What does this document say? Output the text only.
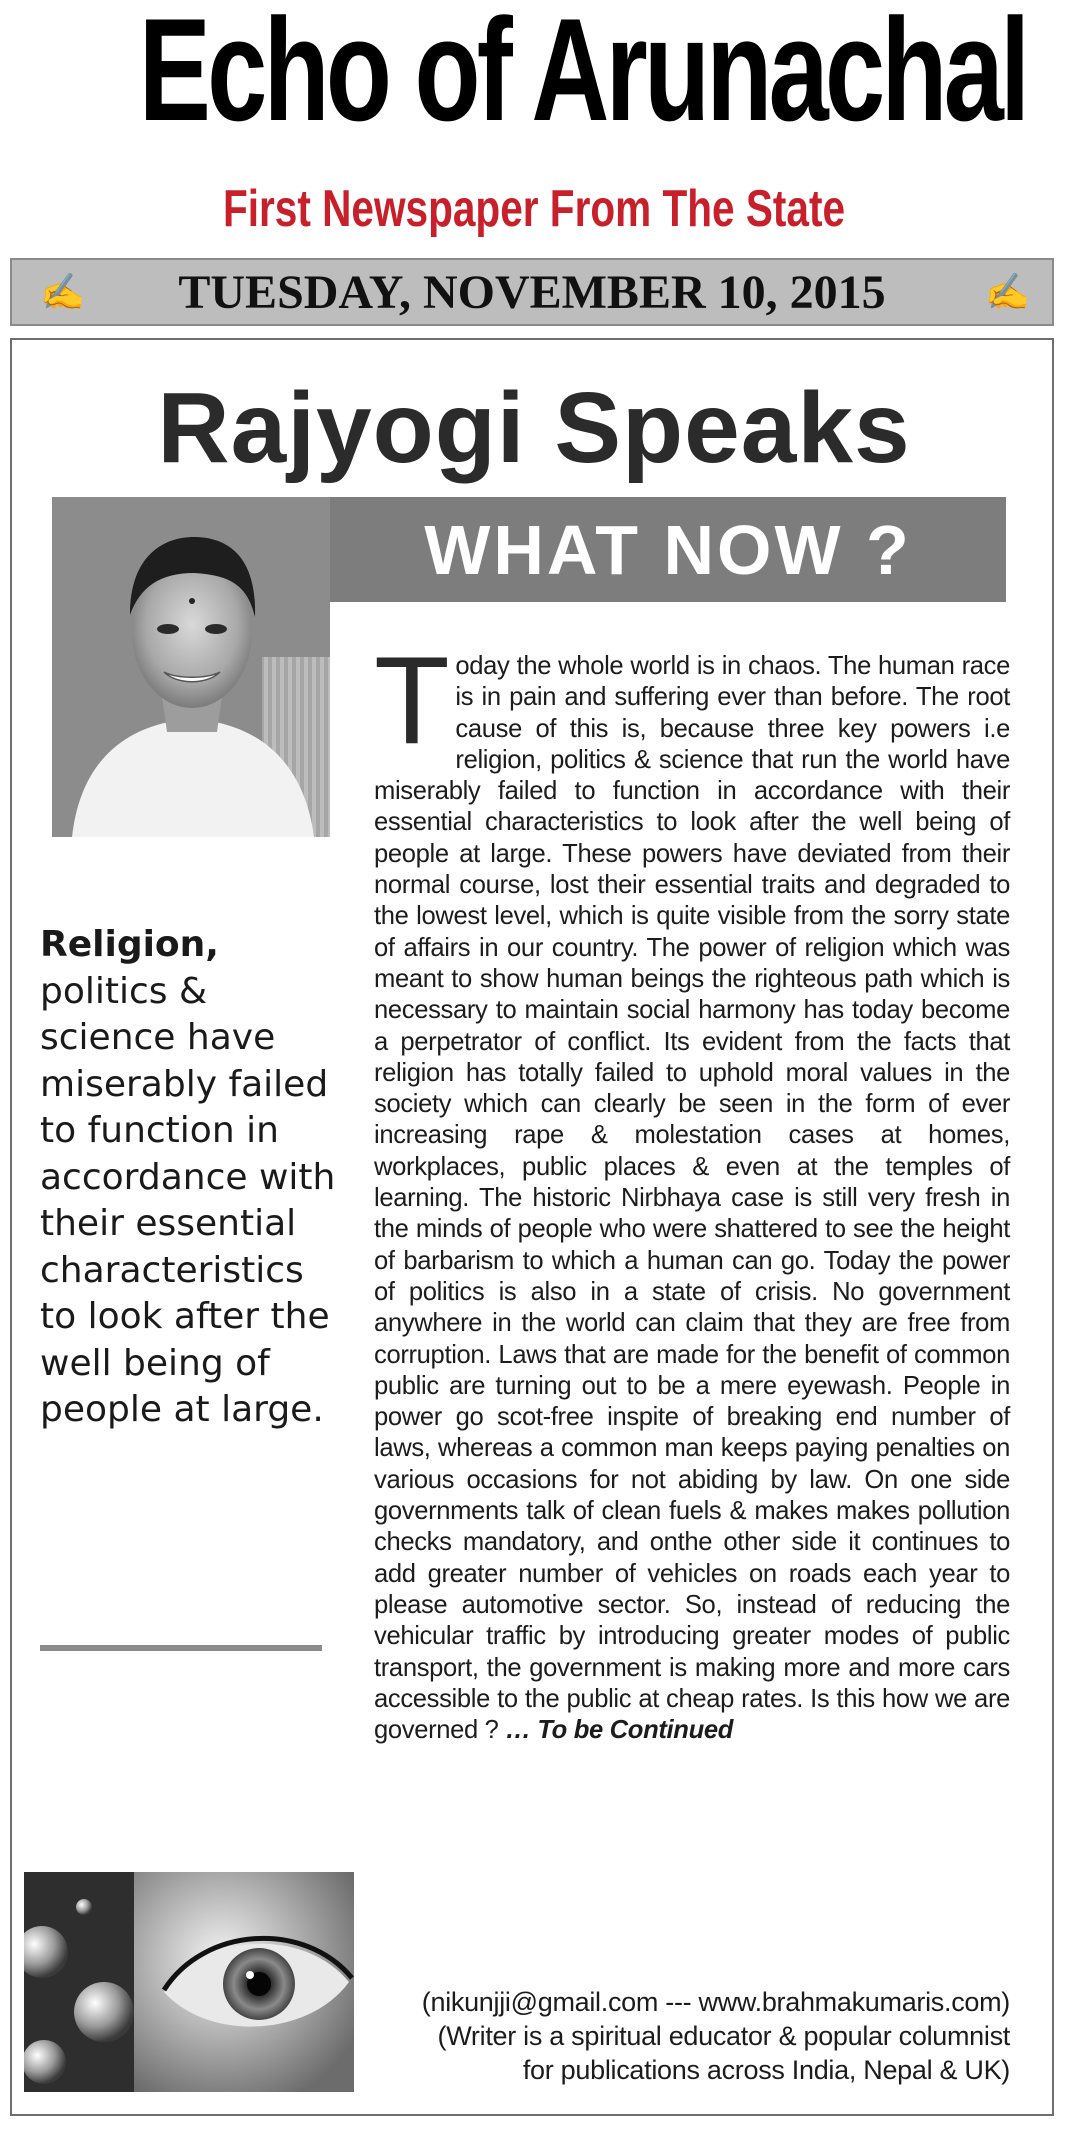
Echo of Arunachal
First Newspaper From The State
✍	TUESDAY, NOVEMBER 10, 2015	✍
Rajyogi Speaks
WHAT NOW ?

Religion, politics & science have miserably failed to function in accordance with their essential characteristics to look after the well being of people at large.
Today the whole world is in chaos. The human race is in pain and suffering ever than before. The root cause of this is, because three key powers i.e religion, politics & science that run the world have miserably failed to function in accordance with their essential characteristics to look after the well being of people at large. These powers have deviated from their normal course, lost their essential traits and degraded to the lowest level, which is quite visible from the sorry state of affairs in our country. The power of religion which was meant to show human beings the righteous path which is necessary to maintain social harmony has today become a perpetrator of conflict. Its evident from the facts that religion has totally failed to uphold moral values in the society which can clearly be seen in the form of ever increasing rape & molestation cases at homes, workplaces, public places & even at the temples of learning. The historic Nirbhaya case is still very fresh in the minds of people who were shattered to see the height of barbarism to which a human can go. Today the power of politics is also in a state of crisis. No government anywhere in the world can claim that they are free from corruption. Laws that are made for the benefit of common public are turning out to be a mere eyewash. People in power go scot-free inspite of breaking end number of laws, whereas a common man keeps paying penalties on various occasions for not abiding by law. On one side governments talk of clean fuels & makes makes pollution checks mandatory, and onthe other side it continues to add greater number of vehicles on roads each year to please automotive sector. So, instead of reducing the vehicular traffic by introducing greater modes of public transport, the government is making more and more cars accessible to the public at cheap rates. Is this how we are governed ? … To be Continued
(nikunjji@gmail.com --- www.brahmakumaris.com)
(Writer is a spiritual educator & popular columnist
for publications across India, Nepal & UK)
